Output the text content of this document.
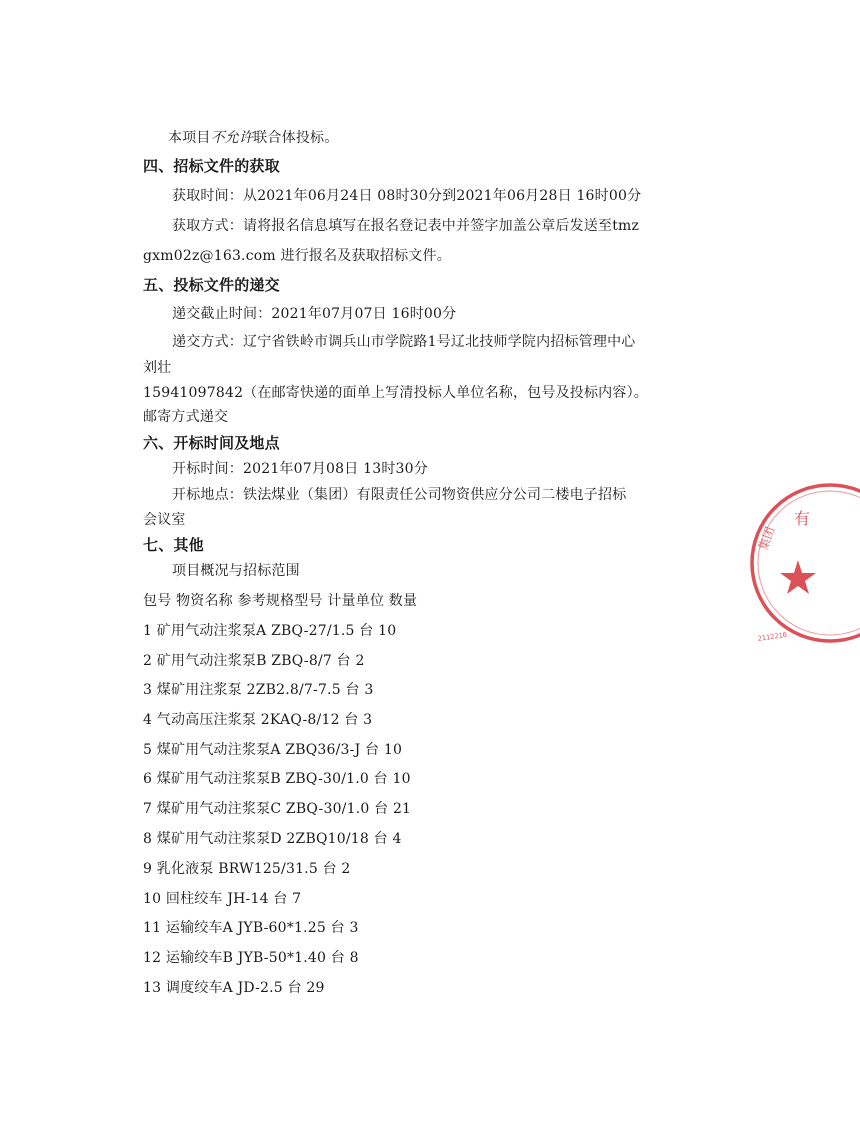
本项目不允许联合体投标。
四、招标文件的获取
获取时间：从2021年06月24日 08时30分到2021年06月28日 16时00分
获取方式：请将报名信息填写在报名登记表中并签字加盖公章后发送至tmz
gxm02z@163.com 进行报名及获取招标文件。
五、投标文件的递交
递交截止时间：2021年07月07日 16时00分
递交方式：辽宁省铁岭市调兵山市学院路1号辽北技师学院内招标管理中心
刘壮
15941097842（在邮寄快递的面单上写清投标人单位名称，包号及投标内容）。
邮寄方式递交
六、开标时间及地点
开标时间：2021年07月08日 13时30分
开标地点：铁法煤业（集团）有限责任公司物资供应分公司二楼电子招标
会议室
七、其他
项目概况与招标范围
包号 物资名称 参考规格型号 计量单位 数量
1 矿用气动注浆泵A ZBQ-27/1.5 台 10
2 矿用气动注浆泵B ZBQ-8/7 台 2
3 煤矿用注浆泵 2ZB2.8/7-7.5 台 3
4 气动高压注浆泵 2KAQ-8/12 台 3
5 煤矿用气动注浆泵A ZBQ36/3-J 台 10
6 煤矿用气动注浆泵B ZBQ-30/1.0 台 10
7 煤矿用气动注浆泵C ZBQ-30/1.0 台 21
8 煤矿用气动注浆泵D 2ZBQ10/18 台 4
9 乳化液泵 BRW125/31.5 台 2
10 回柱绞车 JH-14 台 7
11 运输绞车A JYB-60*1.25 台 3
12 运输绞车B JYB-50*1.40 台 8
13 调度绞车A JD-2.5 台 29
有
集团
2112210
